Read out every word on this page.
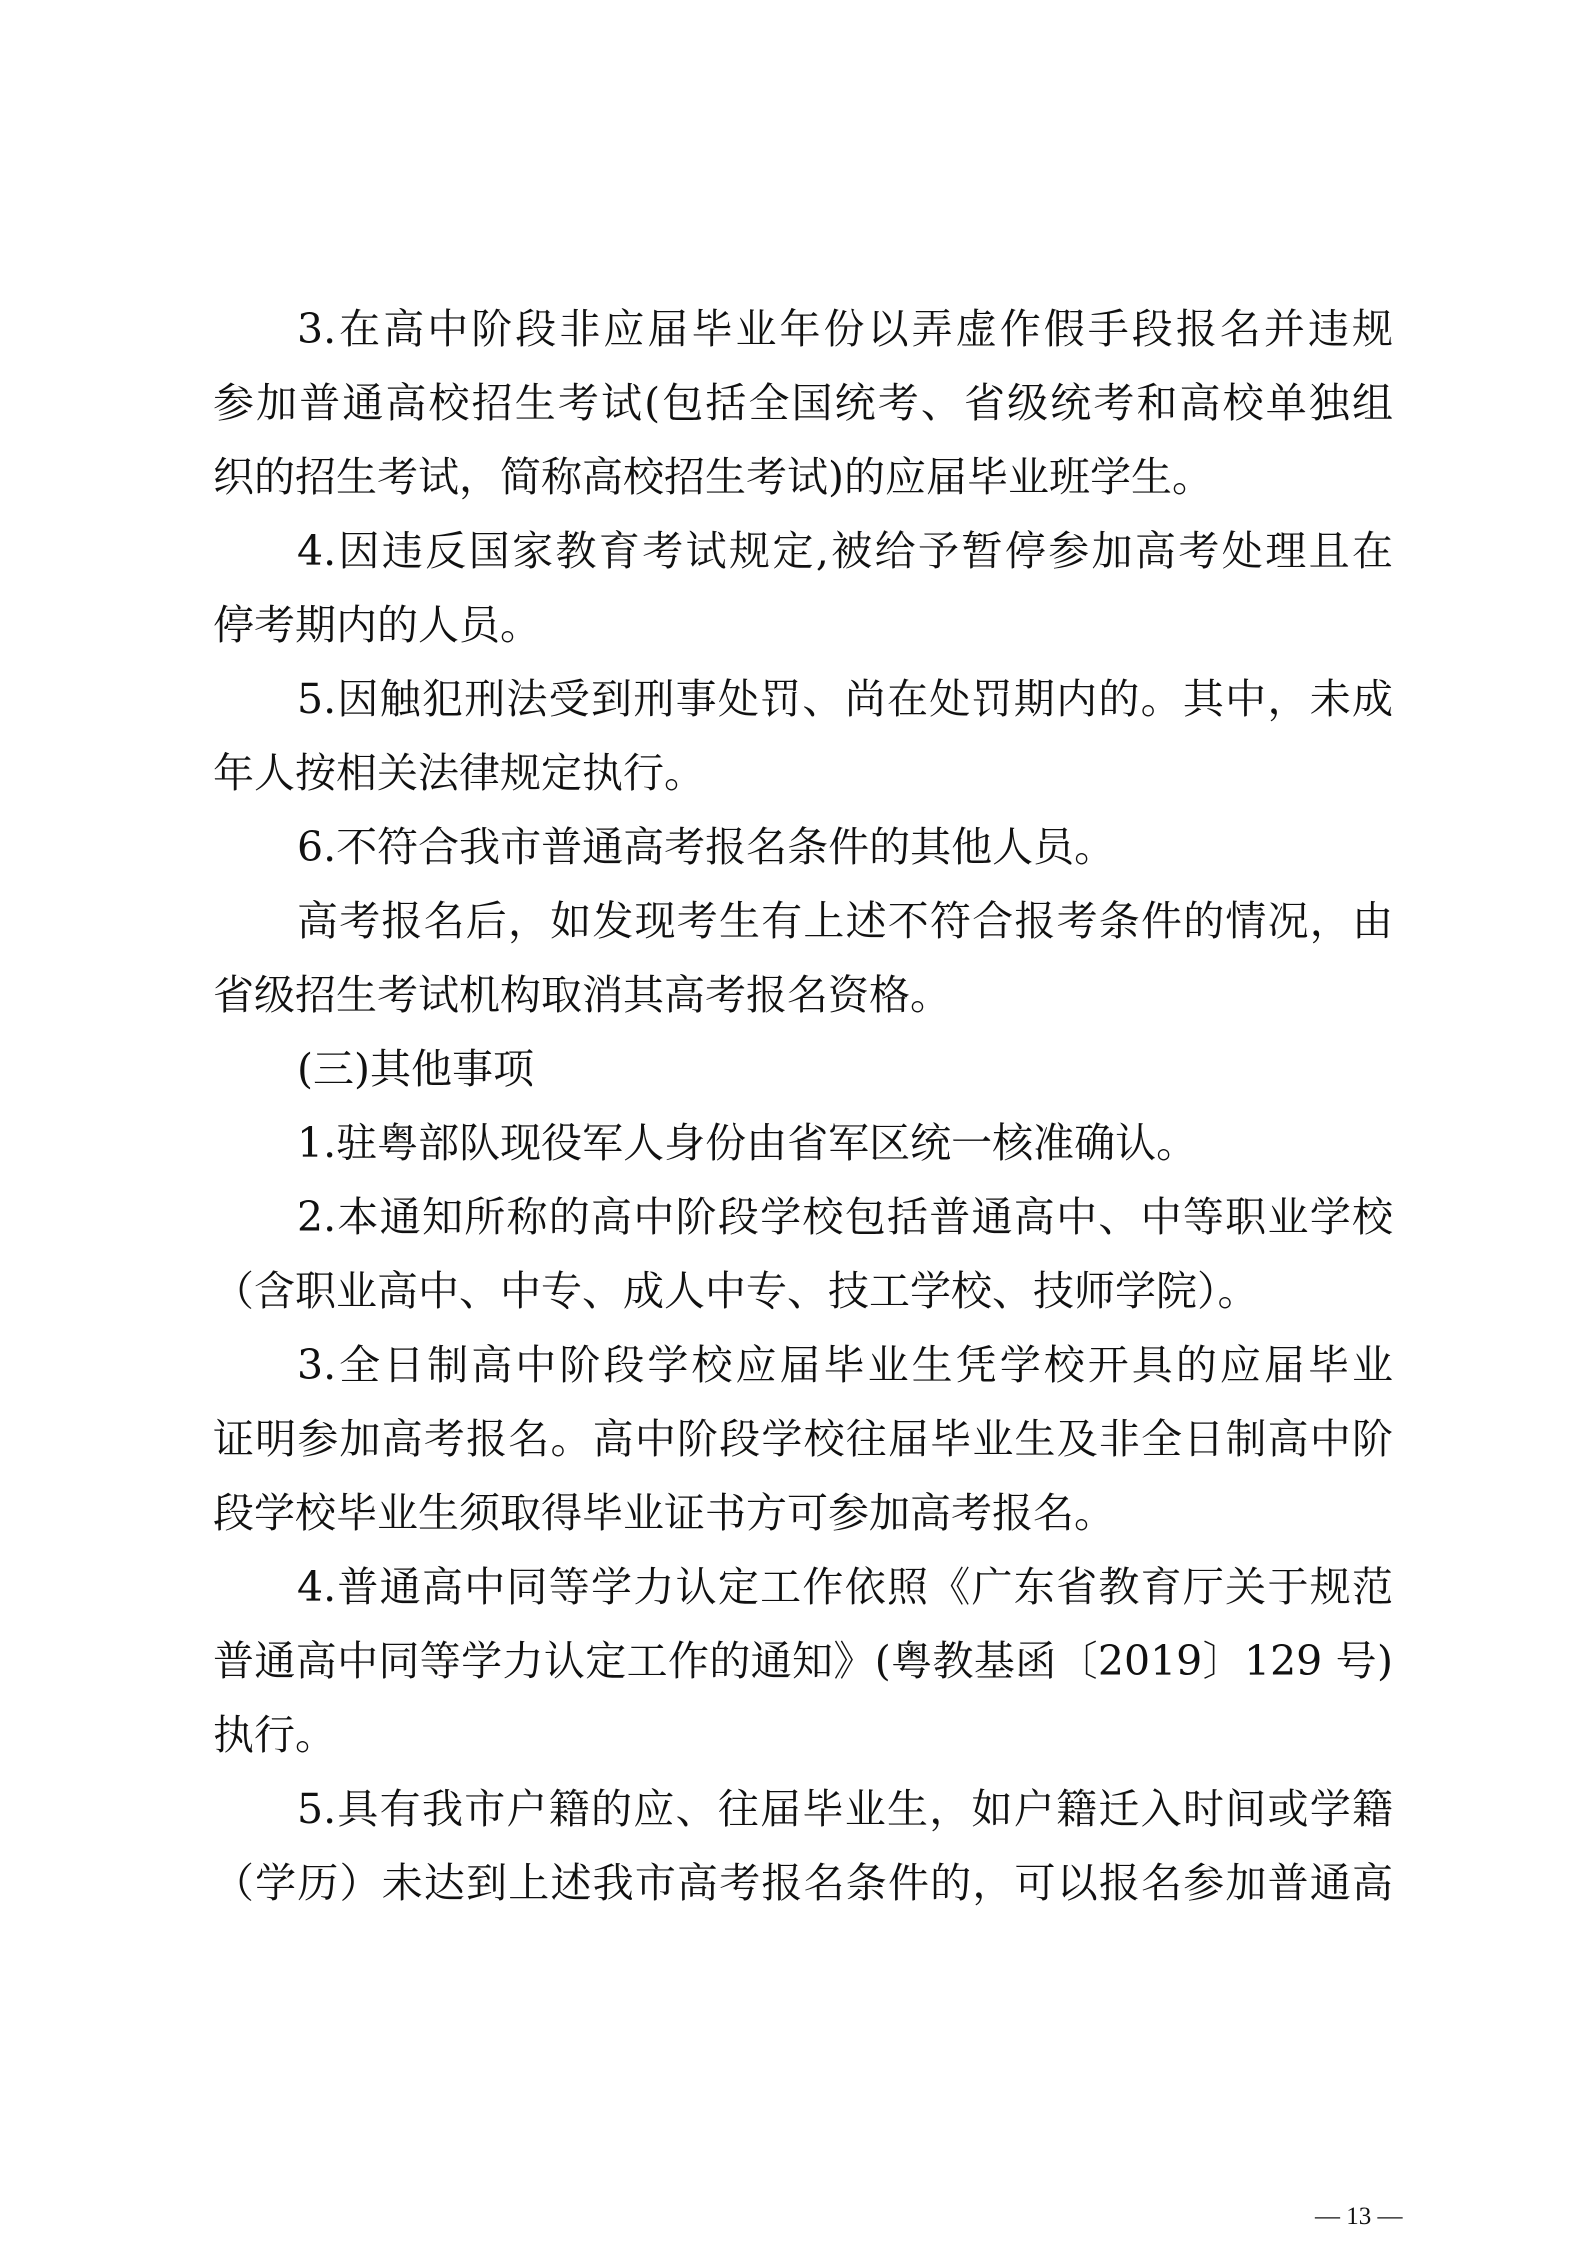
3.在高中阶段非应届毕业年份以弄虚作假手段报名并违规
参加普通高校招生考试(包括全国统考、省级统考和高校单独组
织的招生考试，简称高校招生考试)的应届毕业班学生。
4.因违反国家教育考试规定,被给予暂停参加高考处理且在
停考期内的人员。
5.因触犯刑法受到刑事处罚、尚在处罚期内的。其中，未成
年人按相关法律规定执行。
6.不符合我市普通高考报名条件的其他人员。
高考报名后，如发现考生有上述不符合报考条件的情况，由
省级招生考试机构取消其高考报名资格。
(三)其他事项
1.驻粤部队现役军人身份由省军区统一核准确认。
2.本通知所称的高中阶段学校包括普通高中、中等职业学校
（含职业高中、中专、成人中专、技工学校、技师学院）。
3.全日制高中阶段学校应届毕业生凭学校开具的应届毕业
证明参加高考报名。高中阶段学校往届毕业生及非全日制高中阶
段学校毕业生须取得毕业证书方可参加高考报名。
4.普通高中同等学力认定工作依照《广东省教育厅关于规范
普通高中同等学力认定工作的通知》(粤教基函〔2019〕129 号)
执行。
5.具有我市户籍的应、往届毕业生，如户籍迁入时间或学籍
（学历）未达到上述我市高考报名条件的，可以报名参加普通高
— 13 —
